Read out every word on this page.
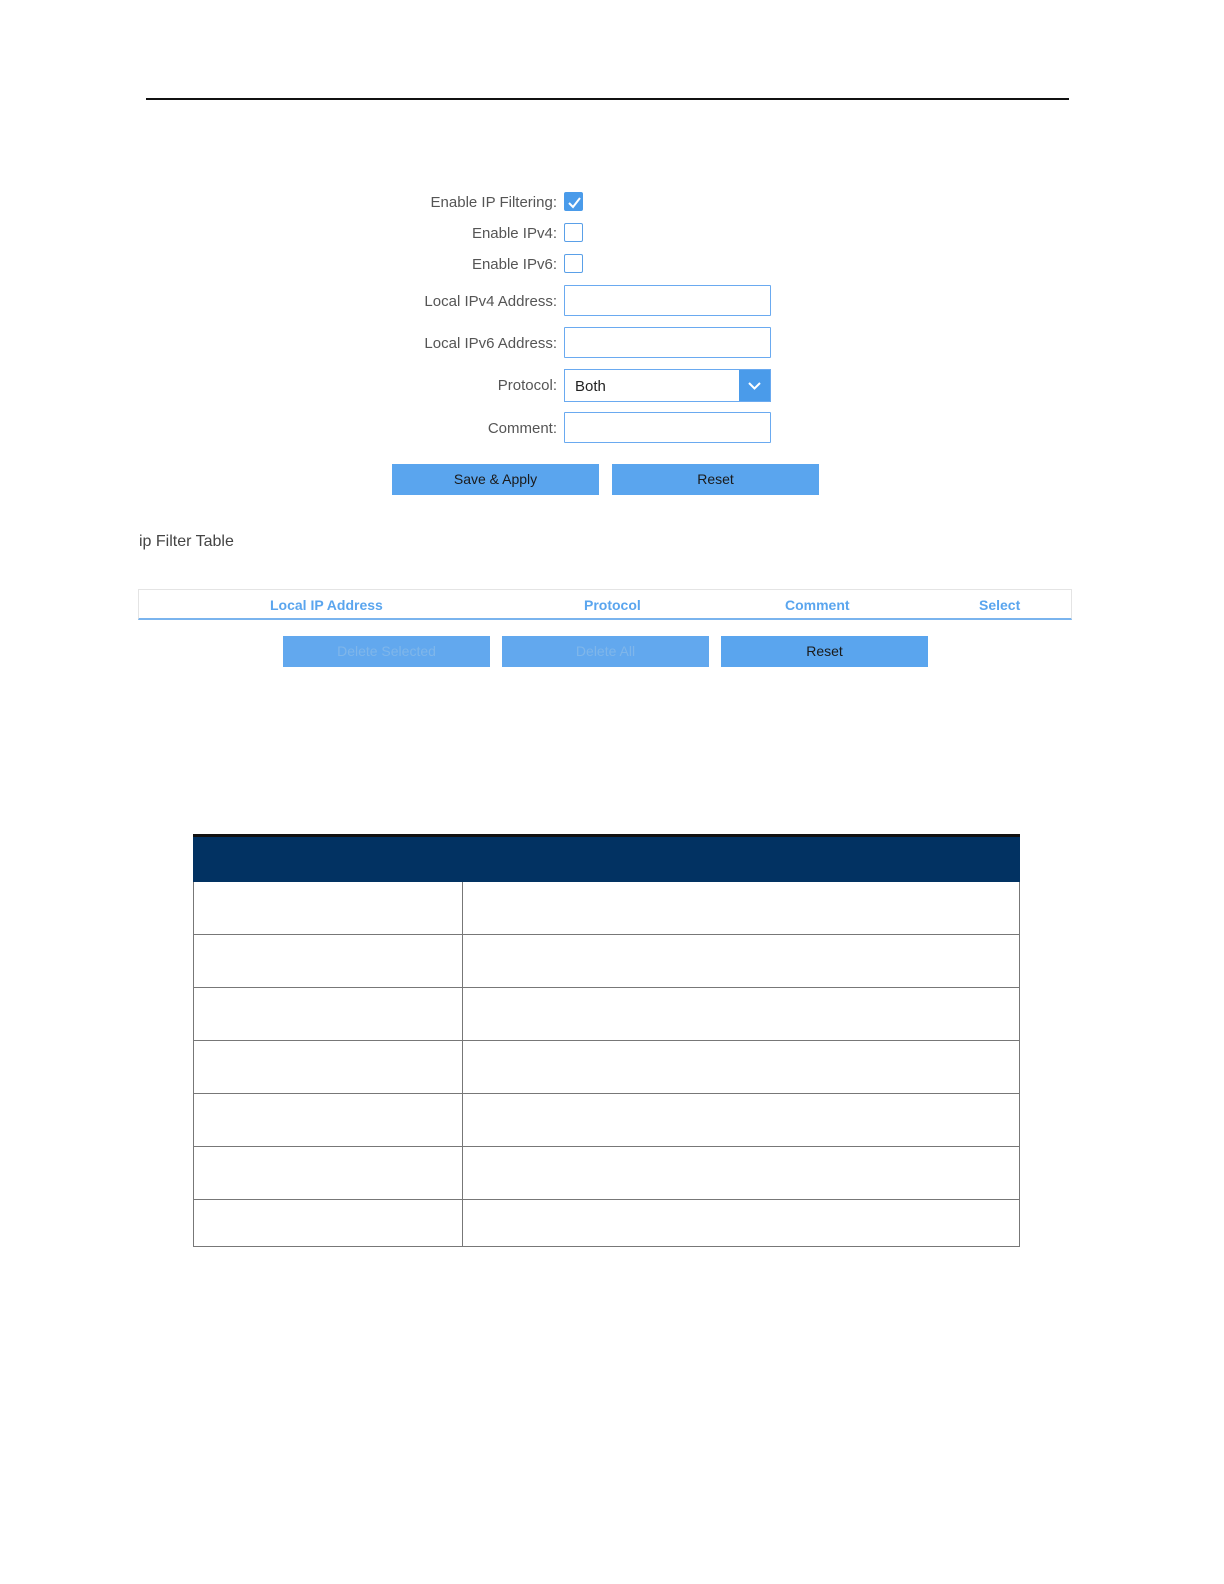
Enable IP Filtering:
Enable IPv4:
Enable IPv6:
Local IPv4 Address:
Local IPv6 Address:
Protocol: Both
Comment:
Save & Apply	Reset
ip Filter Table
Local IP Address	Protocol	Comment	Select
Delete Selected	Delete All	Reset
